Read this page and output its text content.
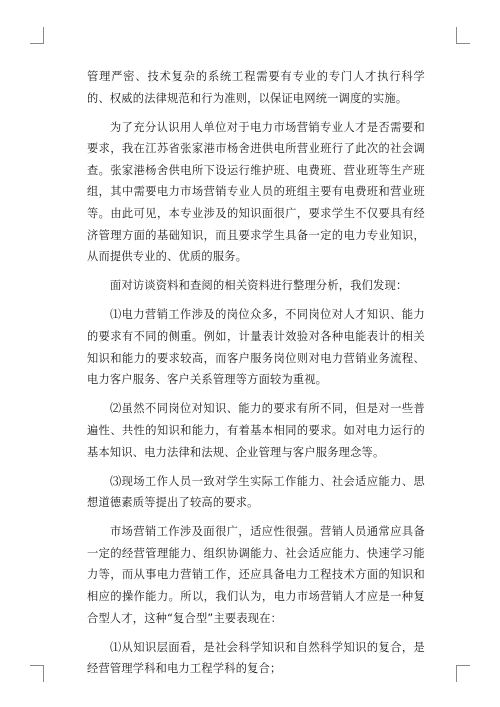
管理严密、技术复杂的系统工程需要有专业的专门人才执行科学的、权威的法律规范和行为准则，以保证电网统一调度的实施。

为了充分认识用人单位对于电力市场营销专业人才是否需要和要求，我在江苏省张家港市杨舍进供电所营业班行了此次的社会调查。张家港杨舍供电所下设运行维护班、电费班、营业班等生产班组，其中需要电力市场营销专业人员的班组主要有电费班和营业班等。由此可见，本专业涉及的知识面很广，要求学生不仅要具有经济管理方面的基础知识，而且要求学生具备一定的电力专业知识，从而提供专业的、优质的服务。

面对访谈资料和查阅的相关资料进行整理分析，我们发现：

⑴电力营销工作涉及的岗位众多，不同岗位对人才知识、能力的要求有不同的侧重。例如，计量表计效验对各种电能表计的相关知识和能力的要求较高，而客户服务岗位则对电力营销业务流程、电力客户服务、客户关系管理等方面较为重视。

⑵虽然不同岗位对知识、能力的要求有所不同，但是对一些普遍性、共性的知识和能力，有着基本相同的要求。如对电力运行的基本知识、电力法律和法规、企业管理与客户服务理念等。

⑶现场工作人员一致对学生实际工作能力、社会适应能力、思想道德素质等提出了较高的要求。

市场营销工作涉及面很广，适应性很强。营销人员通常应具备一定的经营管理能力、组织协调能力、社会适应能力、快速学习能力等，而从事电力营销工作，还应具备电力工程技术方面的知识和相应的操作能力。所以，我们认为，电力市场营销人才应是一种复合型人才，这种“复合型”主要表现在：

⑴从知识层面看，是社会科学知识和自然科学知识的复合，是经营管理学科和电力工程学科的复合；
